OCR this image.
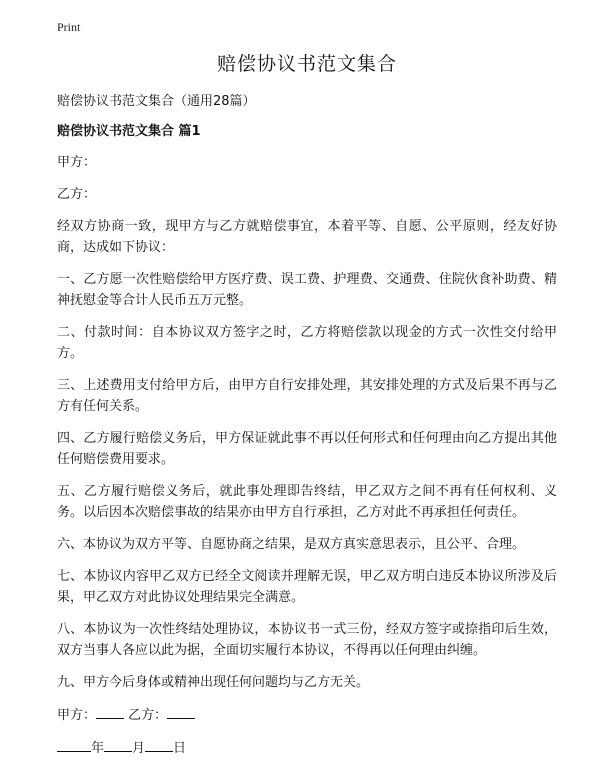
Print
赔偿协议书范文集合
赔偿协议书范文集合（通用28篇）
赔偿协议书范文集合 篇1
甲方：
乙方：
经双方协商一致，现甲方与乙方就赔偿事宜，本着平等、自愿、公平原则，经友好协商，达成如下协议：
一、乙方愿一次性赔偿给甲方医疗费、误工费、护理费、交通费、住院伙食补助费、精神抚慰金等合计人民币五万元整。
二、付款时间：自本协议双方签字之时，乙方将赔偿款以现金的方式一次性交付给甲方。
三、上述费用支付给甲方后，由甲方自行安排处理，其安排处理的方式及后果不再与乙方有任何关系。
四、乙方履行赔偿义务后，甲方保证就此事不再以任何形式和任何理由向乙方提出其他任何赔偿费用要求。
五、乙方履行赔偿义务后，就此事处理即告终结，甲乙双方之间不再有任何权利、义务。以后因本次赔偿事故的结果亦由甲方自行承担，乙方对此不再承担任何责任。
六、本协议为双方平等、自愿协商之结果，是双方真实意思表示，且公平、合理。
七、本协议内容甲乙双方已经全文阅读并理解无误，甲乙双方明白违反本协议所涉及后果，甲乙双方对此协议处理结果完全满意。
八、本协议为一次性终结处理协议，本协议书一式三份，经双方签字或捺指印后生效，双方当事人各应以此为据，全面切实履行本协议，不得再以任何理由纠缠。
九、甲方今后身体或精神出现任何问题均与乙方无关。
甲方： 乙方：
年 月 日
